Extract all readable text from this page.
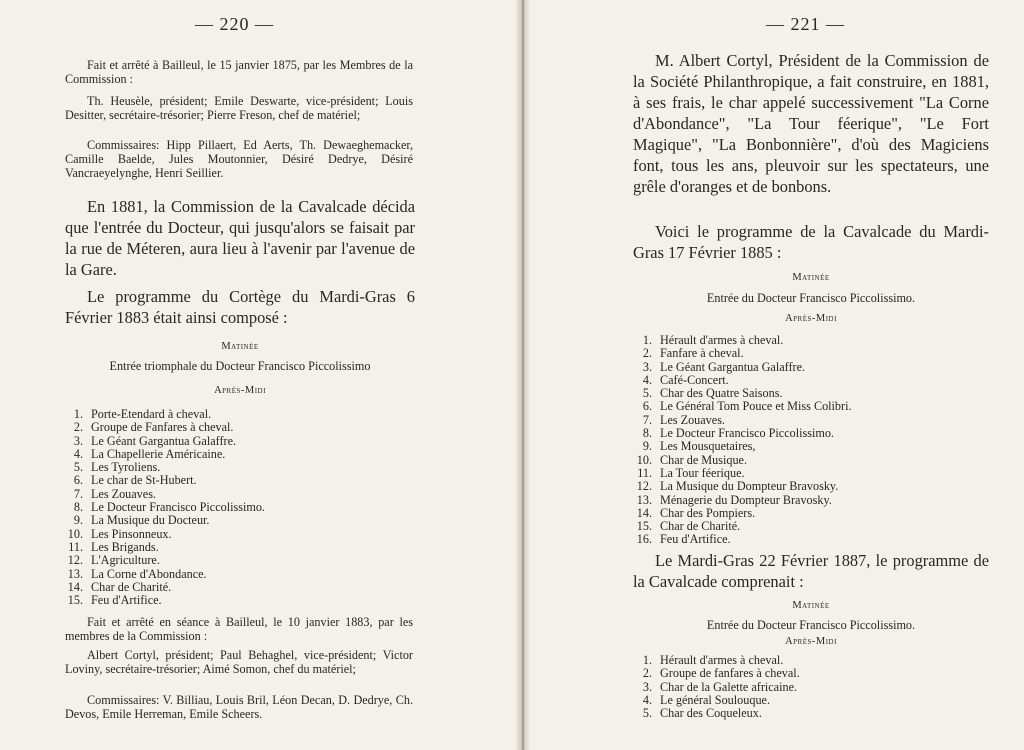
— 220 —

Fait et arrêté à Bailleul, le 15 janvier 1875, par les Membres de la Commission :

Th. Heusèle, président; Emile Deswarte, vice-président; Louis Desitter, secrétaire-trésorier; Pierre Freson, chef de matériel;

Commissaires: Hipp Pillaert, Ed Aerts, Th. Dewaeghemacker, Camille Baelde, Jules Moutonnier, Désiré Dedrye, Désiré Vancraeyelynghe, Henri Seillier.

En 1881, la Commission de la Cavalcade décida que l'entrée du Docteur, qui jusqu'alors se faisait par la rue de Méteren, aura lieu à l'avenir par l'avenue de la Gare.

Le programme du Cortège du Mardi-Gras 6 Février 1883 était ainsi composé :

Matinée
Entrée triomphale du Docteur Francisco Piccolissimo
Après-Midi
1. Porte-Etendard à cheval.
2. Groupe de Fanfares à cheval.
3. Le Géant Gargantua Galaffre.
4. La Chapellerie Américaine.
5. Les Tyroliens.
6. Le char de St-Hubert.
7. Les Zouaves.
8. Le Docteur Francisco Piccolissimo.
9. La Musique du Docteur.
10. Les Pinsonneux.
11. Les Brigands.
12. L'Agriculture.
13. La Corne d'Abondance.
14. Char de Charité.
15. Feu d'Artifice.

Fait et arrêté en séance à Bailleul, le 10 janvier 1883, par les membres de la Commission :

Albert Cortyl, président; Paul Behaghel, vice-président; Victor Loviny, secrétaire-trésorier; Aimé Somon, chef du matériel;

Commissaires: V. Billiau, Louis Bril, Léon Decan, D. Dedrye, Ch. Devos, Emile Herreman, Emile Scheers.

— 221 —

M. Albert Cortyl, Président de la Commission de la Société Philanthropique, a fait construire, en 1881, à ses frais, le char appelé successivement "La Corne d'Abondance", "La Tour féerique", "Le Fort Magique", "La Bonbonnière", d'où des Magiciens font, tous les ans, pleuvoir sur les spectateurs, une grêle d'oranges et de bonbons.

Voici le programme de la Cavalcade du Mardi-Gras 17 Février 1885 :

Matinée
Entrée du Docteur Francisco Piccolissimo.
Après-Midi
1. Hérault d'armes à cheval.
2. Fanfare à cheval.
3. Le Géant Gargantua Galaffre.
4. Café-Concert.
5. Char des Quatre Saisons.
6. Le Général Tom Pouce et Miss Colibri.
7. Les Zouaves.
8. Le Docteur Francisco Piccolissimo.
9. Les Mousquetaires,
10. Char de Musique.
11. La Tour féerique.
12. La Musique du Dompteur Bravosky.
13. Ménagerie du Dompteur Bravosky.
14. Char des Pompiers.
15. Char de Charité.
16. Feu d'Artifice.

Le Mardi-Gras 22 Février 1887, le programme de la Cavalcade comprenait :

Matinée
Entrée du Docteur Francisco Piccolissimo.
Après-Midi
1. Hérault d'armes à cheval.
2. Groupe de fanfares à cheval.
3. Char de la Galette africaine.
4. Le général Soulouque.
5. Char des Coqueleux.
